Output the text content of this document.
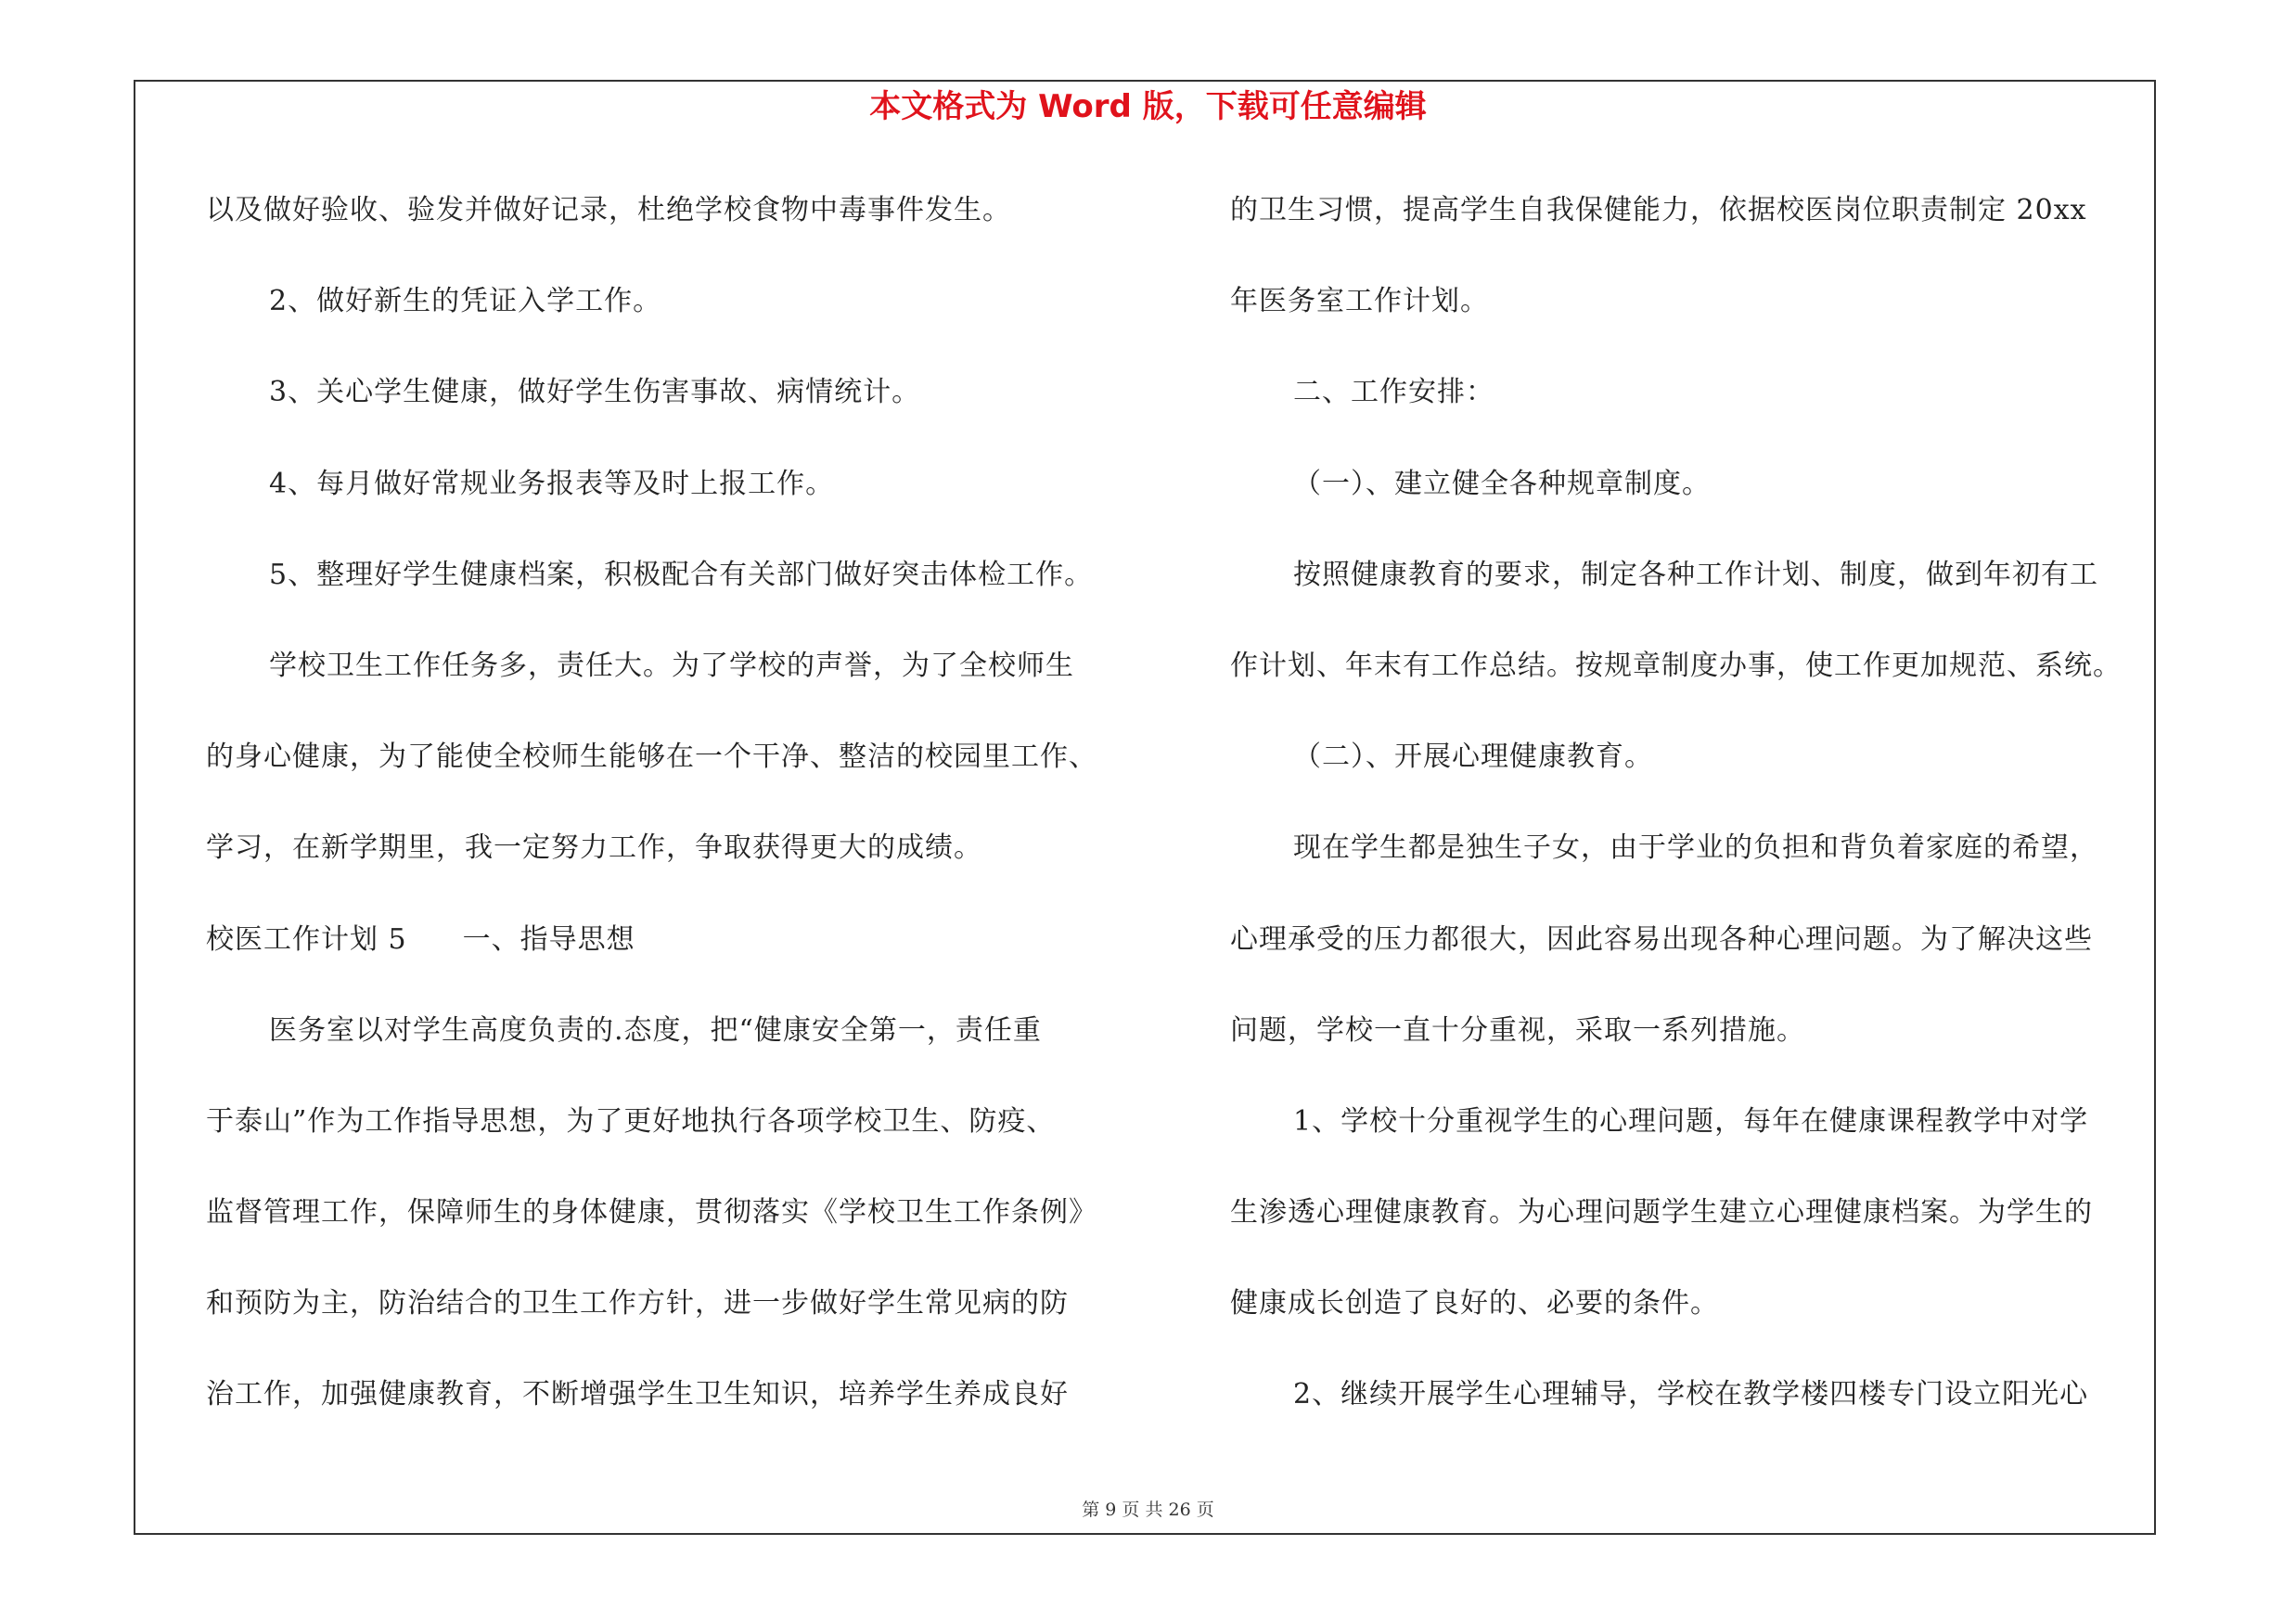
本文格式为 Word 版，下载可任意编辑
以及做好验收、验发并做好记录，杜绝学校食物中毒事件发生。
2、做好新生的凭证入学工作。
3、关心学生健康，做好学生伤害事故、病情统计。
4、每月做好常规业务报表等及时上报工作。
5、整理好学生健康档案，积极配合有关部门做好突击体检工作。
学校卫生工作任务多，责任大。为了学校的声誉，为了全校师生
的身心健康，为了能使全校师生能够在一个干净、整洁的校园里工作、
学习，在新学期里，我一定努力工作，争取获得更大的成绩。
校医工作计划 5 一、指导思想
医务室以对学生高度负责的.态度，把“健康安全第一，责任重
于泰山”作为工作指导思想，为了更好地执行各项学校卫生、防疫、
监督管理工作，保障师生的身体健康，贯彻落实《学校卫生工作条例》
和预防为主，防治结合的卫生工作方针，进一步做好学生常见病的防
治工作，加强健康教育，不断增强学生卫生知识，培养学生养成良好
的卫生习惯，提高学生自我保健能力，依据校医岗位职责制定 20xx
年医务室工作计划。
二、工作安排：
（一）、建立健全各种规章制度。
按照健康教育的要求，制定各种工作计划、制度，做到年初有工
作计划、年末有工作总结。按规章制度办事，使工作更加规范、系统。
（二）、开展心理健康教育。
现在学生都是独生子女，由于学业的负担和背负着家庭的希望，
心理承受的压力都很大，因此容易出现各种心理问题。为了解决这些
问题，学校一直十分重视，采取一系列措施。
1、学校十分重视学生的心理问题，每年在健康课程教学中对学
生渗透心理健康教育。为心理问题学生建立心理健康档案。为学生的
健康成长创造了良好的、必要的条件。
2、继续开展学生心理辅导，学校在教学楼四楼专门设立阳光心
第 9 页 共 26 页
